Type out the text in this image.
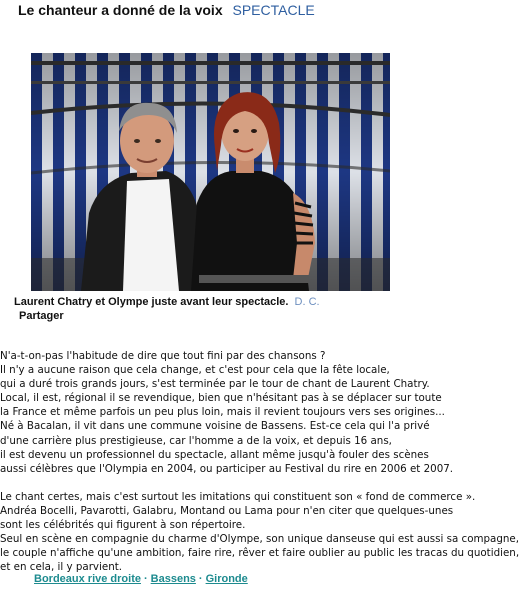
Le chanteur a donné de la voix SPECTACLE
Laurent Chatry et Olympe juste avant leur spectacle. D. C.
Partager
N'a-t-on-pas l'habitude de dire que tout fini par des chansons ?
Il n'y a aucune raison que cela change, et c'est pour cela que la fête locale,
qui a duré trois grands jours, s'est terminée par le tour de chant de Laurent Chatry.
Local, il est, régional il se revendique, bien que n'hésitant pas à se déplacer sur toute
la France et même parfois un peu plus loin, mais il revient toujours vers ses origines...
Né à Bacalan, il vit dans une commune voisine de Bassens. Est-ce cela qui l'a privé
d'une carrière plus prestigieuse, car l'homme a de la voix, et depuis 16 ans,
il est devenu un professionnel du spectacle, allant même jusqu'à fouler des scènes
aussi célèbres que l'Olympia en 2004, ou participer au Festival du rire en 2006 et 2007.
Le chant certes, mais c'est surtout les imitations qui constituent son « fond de commerce ».
Andréa Bocelli, Pavarotti, Galabru, Montand ou Lama pour n'en citer que quelques-unes
sont les célébrités qui figurent à son répertoire.
Seul en scène en compagnie du charme d'Olympe, son unique danseuse qui est aussi sa compagne,
le couple n'affiche qu'une ambition, faire rire, rêver et faire oublier au public les tracas du quotidien,
et en cela, il y parvient.
Bordeaux rive droite · Bassens · Gironde
